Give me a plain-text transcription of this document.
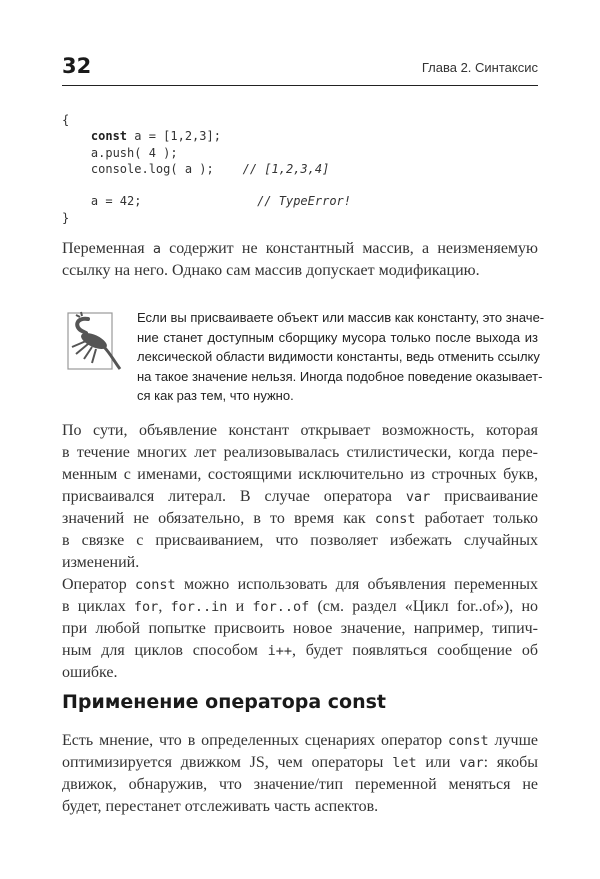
32	Глава 2. Синтаксис
{
const a = [1,2,3];
a.push( 4 );
console.log( a );    // [1,2,3,4]
a = 42;                // TypeError!
}
Переменная a содержит не константный массив, а неизменяемую
ссылку на него. Однако сам массив допускает модификацию.
Если вы присваиваете объект или массив как константу, это значе-
ние станет доступным сборщику мусора только после выхода из
лексической области видимости константы, ведь отменить ссылку
на такое значение нельзя. Иногда подобное поведение оказывает-
ся как раз тем, что нужно.
По сути, объявление констант открывает возможность, которая
в течение многих лет реализовывалась стилистически, когда пере-
менным с именами, состоящими исключительно из строчных букв,
присваивался литерал. В случае оператора var присваивание
значений не обязательно, в то время как const работает только
в связке с присваиванием, что позволяет избежать случайных
изменений.
Оператор const можно использовать для объявления переменных
в циклах for, for..in и for..of (см. раздел «Цикл for..of»), но
при любой попытке присвоить новое значение, например, типич-
ным для циклов способом i++, будет появляться сообщение об
ошибке.
Применение оператора const
Есть мнение, что в определенных сценариях оператор const лучше
оптимизируется движком JS, чем операторы let или var: якобы
движок, обнаружив, что значение/тип переменной меняться не
будет, перестанет отслеживать часть аспектов.
